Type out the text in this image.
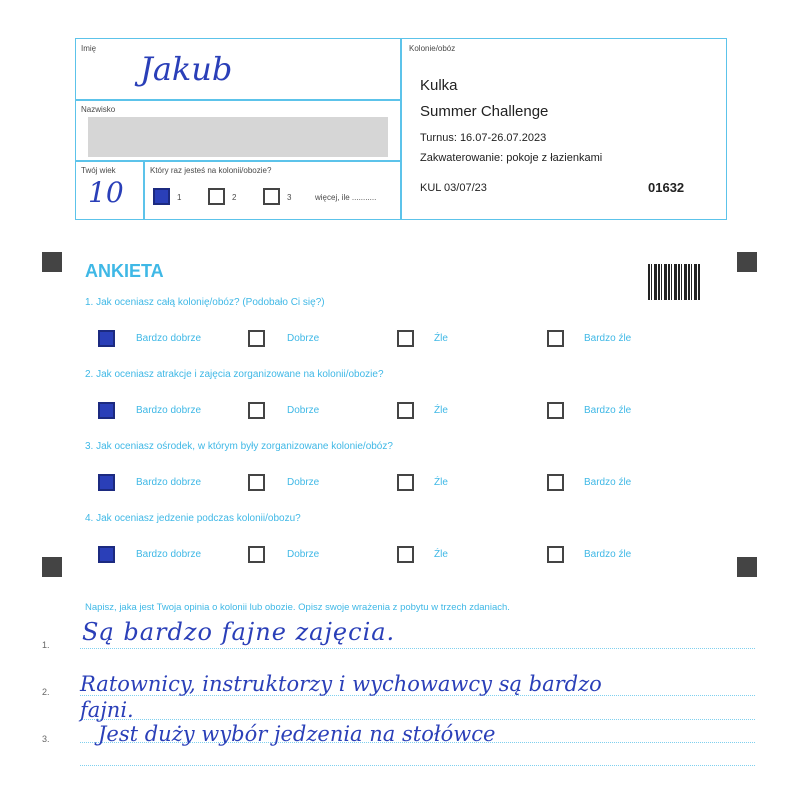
Imię
Jakub
Nazwisko
Twój wiek
10
Który raz jesteś na kolonii/obozie?
1	2	3	więcej, ile ...........
Kolonie/obóz
Kulka
Summer Challenge
Turnus: 16.07-26.07.2023
Zakwaterowanie: pokoje z łazienkami
KUL 03/07/23	01632
ANKIETA
1. Jak oceniasz całą kolonię/obóz? (Podobało Ci się?)
2. Jak oceniasz atrakcje i zajęcia zorganizowane na kolonii/obozie?
3. Jak oceniasz ośrodek, w którym były zorganizowane kolonie/obóz?
4. Jak oceniasz jedzenie podczas kolonii/obozu?
Bardzo dobrze	Dobrze	Źle	Bardzo źle
Bardzo dobrze	Dobrze	Źle	Bardzo źle
Bardzo dobrze	Dobrze	Źle	Bardzo źle
Bardzo dobrze	Dobrze	Źle	Bardzo źle
Napisz, jaka jest Twoja opinia o kolonii lub obozie. Opisz swoje wrażenia z pobytu w trzech zdaniach.
1.
2.
3.
Są bardzo fajne zajęcia.
Ratownicy, instruktorzy i wychowawcy są bardzo
fajni.
Jest duży wybór jedzenia na stołówce
